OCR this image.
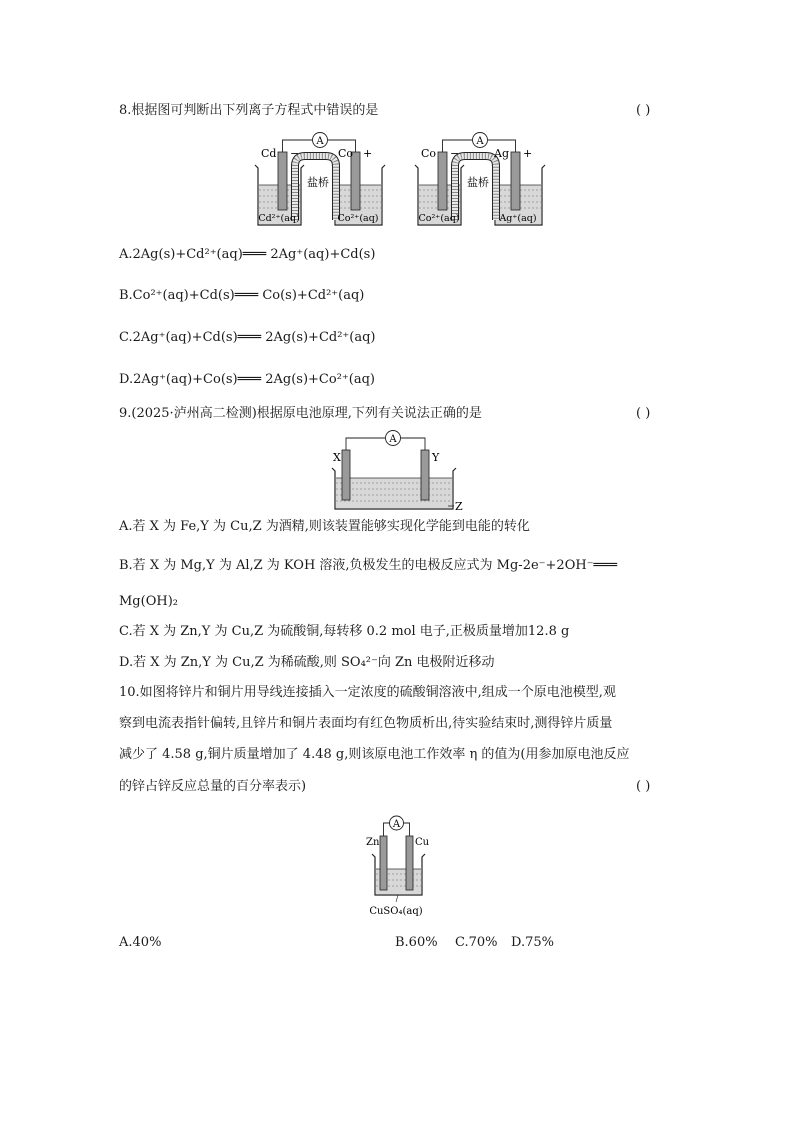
8.根据图可判断出下列离子方程式中错误的是	( )
A
Cd −	Co +
盐桥
Cd²⁺(aq)	Co²⁺(aq)
A
Co −	Ag +
盐桥
Co²⁺(aq)	Ag⁺(aq)
A.2Ag(s)+Cd²⁺(aq)═══ 2Ag⁺(aq)+Cd(s)
B.Co²⁺(aq)+Cd(s)═══ Co(s)+Cd²⁺(aq)
C.2Ag⁺(aq)+Cd(s)═══ 2Ag(s)+Cd²⁺(aq)
D.2Ag⁺(aq)+Co(s)═══ 2Ag(s)+Co²⁺(aq)
9.(2025·泸州高二检测)根据原电池原理,下列有关说法正确的是	( )
A
X	Y
Z
A.若 X 为 Fe,Y 为 Cu,Z 为酒精,则该装置能够实现化学能到电能的转化
B.若 X 为 Mg,Y 为 Al,Z 为 KOH 溶液,负极发生的电极反应式为 Mg-2e⁻+2OH⁻═══
Mg(OH)₂
C.若 X 为 Zn,Y 为 Cu,Z 为硫酸铜,每转移 0.2 mol 电子,正极质量增加12.8 g
D.若 X 为 Zn,Y 为 Cu,Z 为稀硫酸,则 SO₄²⁻向 Zn 电极附近移动
10.如图将锌片和铜片用导线连接插入一定浓度的硫酸铜溶液中,组成一个原电池模型,观
察到电流表指针偏转,且锌片和铜片表面均有红色物质析出,待实验结束时,测得锌片质量
减少了 4.58 g,铜片质量增加了 4.48 g,则该原电池工作效率 η 的值为(用参加原电池反应
的锌占锌反应总量的百分率表示)	( )
A
Zn	Cu
CuSO₄(aq)
A.40%	B.60% C.70% D.75%
